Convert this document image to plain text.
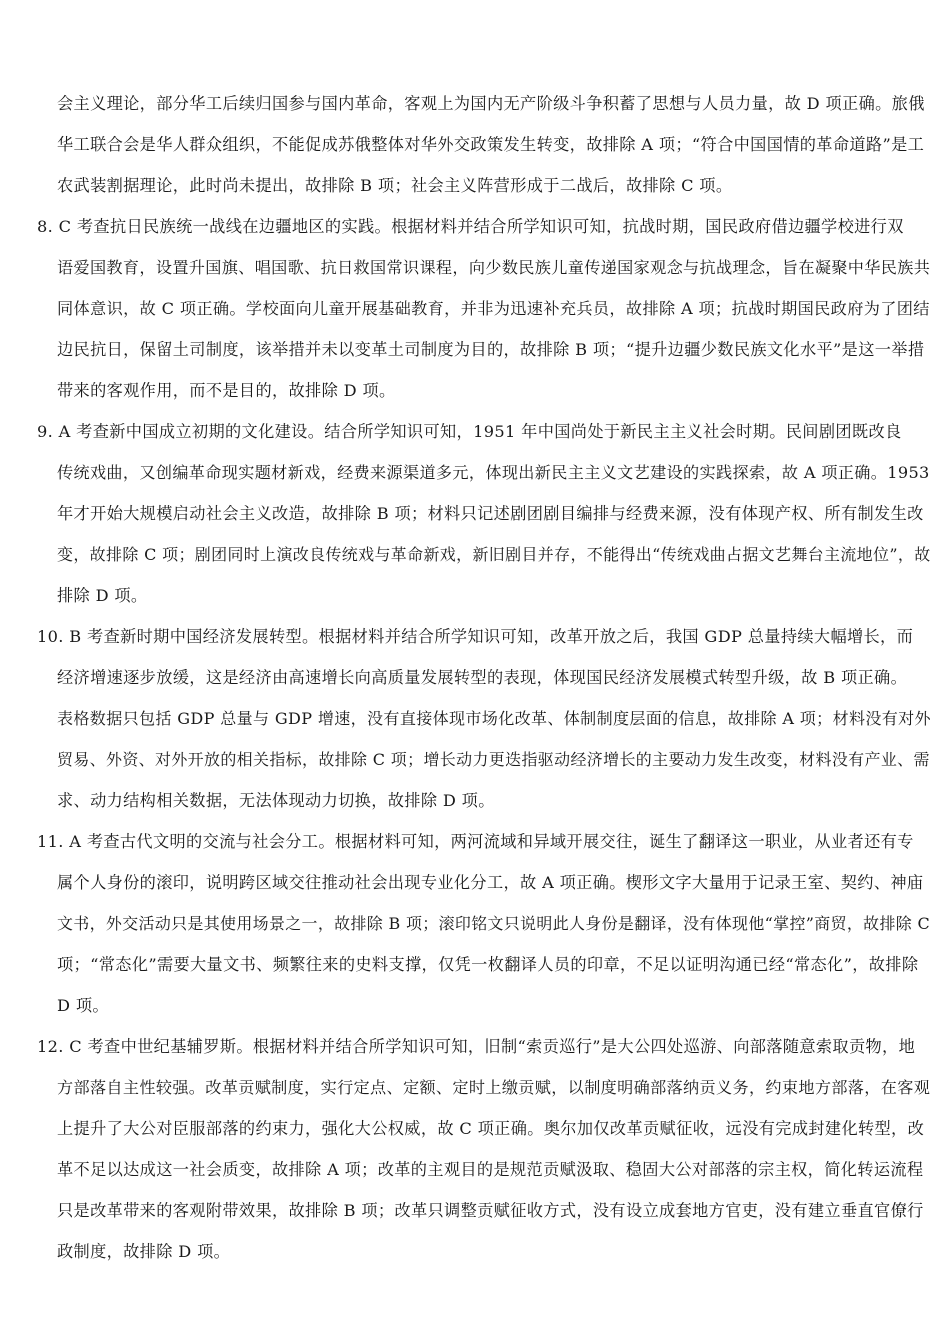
会主义理论，部分华工后续归国参与国内革命，客观上为国内无产阶级斗争积蓄了思想与人员力量，故 D 项正确。旅俄
华工联合会是华人群众组织，不能促成苏俄整体对华外交政策发生转变，故排除 A 项；“符合中国国情的革命道路”是工
农武装割据理论，此时尚未提出，故排除 B 项；社会主义阵营形成于二战后，故排除 C 项。
8. C 考查抗日民族统一战线在边疆地区的实践。根据材料并结合所学知识可知，抗战时期，国民政府借边疆学校进行双
语爱国教育，设置升国旗、唱国歌、抗日救国常识课程，向少数民族儿童传递国家观念与抗战理念，旨在凝聚中华民族共
同体意识，故 C 项正确。学校面向儿童开展基础教育，并非为迅速补充兵员，故排除 A 项；抗战时期国民政府为了团结
边民抗日，保留土司制度，该举措并未以变革土司制度为目的，故排除 B 项；“提升边疆少数民族文化水平”是这一举措
带来的客观作用，而不是目的，故排除 D 项。
9. A 考查新中国成立初期的文化建设。结合所学知识可知，1951 年中国尚处于新民主主义社会时期。民间剧团既改良
传统戏曲，又创编革命现实题材新戏，经费来源渠道多元，体现出新民主主义文艺建设的实践探索，故 A 项正确。1953
年才开始大规模启动社会主义改造，故排除 B 项；材料只记述剧团剧目编排与经费来源，没有体现产权、所有制发生改
变，故排除 C 项；剧团同时上演改良传统戏与革命新戏，新旧剧目并存，不能得出“传统戏曲占据文艺舞台主流地位”，故
排除 D 项。
10. B 考查新时期中国经济发展转型。根据材料并结合所学知识可知，改革开放之后，我国 GDP 总量持续大幅增长，而
经济增速逐步放缓，这是经济由高速增长向高质量发展转型的表现，体现国民经济发展模式转型升级，故 B 项正确。
表格数据只包括 GDP 总量与 GDP 增速，没有直接体现市场化改革、体制制度层面的信息，故排除 A 项；材料没有对外
贸易、外资、对外开放的相关指标，故排除 C 项；增长动力更迭指驱动经济增长的主要动力发生改变，材料没有产业、需
求、动力结构相关数据，无法体现动力切换，故排除 D 项。
11. A 考查古代文明的交流与社会分工。根据材料可知，两河流域和异域开展交往，诞生了翻译这一职业，从业者还有专
属个人身份的滚印，说明跨区域交往推动社会出现专业化分工，故 A 项正确。楔形文字大量用于记录王室、契约、神庙
文书，外交活动只是其使用场景之一，故排除 B 项；滚印铭文只说明此人身份是翻译，没有体现他“掌控”商贸，故排除 C
项；“常态化”需要大量文书、频繁往来的史料支撑，仅凭一枚翻译人员的印章，不足以证明沟通已经“常态化”，故排除
D 项。
12. C 考查中世纪基辅罗斯。根据材料并结合所学知识可知，旧制“索贡巡行”是大公四处巡游、向部落随意索取贡物，地
方部落自主性较强。改革贡赋制度，实行定点、定额、定时上缴贡赋，以制度明确部落纳贡义务，约束地方部落，在客观
上提升了大公对臣服部落的约束力，强化大公权威，故 C 项正确。奥尔加仅改革贡赋征收，远没有完成封建化转型，改
革不足以达成这一社会质变，故排除 A 项；改革的主观目的是规范贡赋汲取、稳固大公对部落的宗主权，简化转运流程
只是改革带来的客观附带效果，故排除 B 项；改革只调整贡赋征收方式，没有设立成套地方官吏，没有建立垂直官僚行
政制度，故排除 D 项。
